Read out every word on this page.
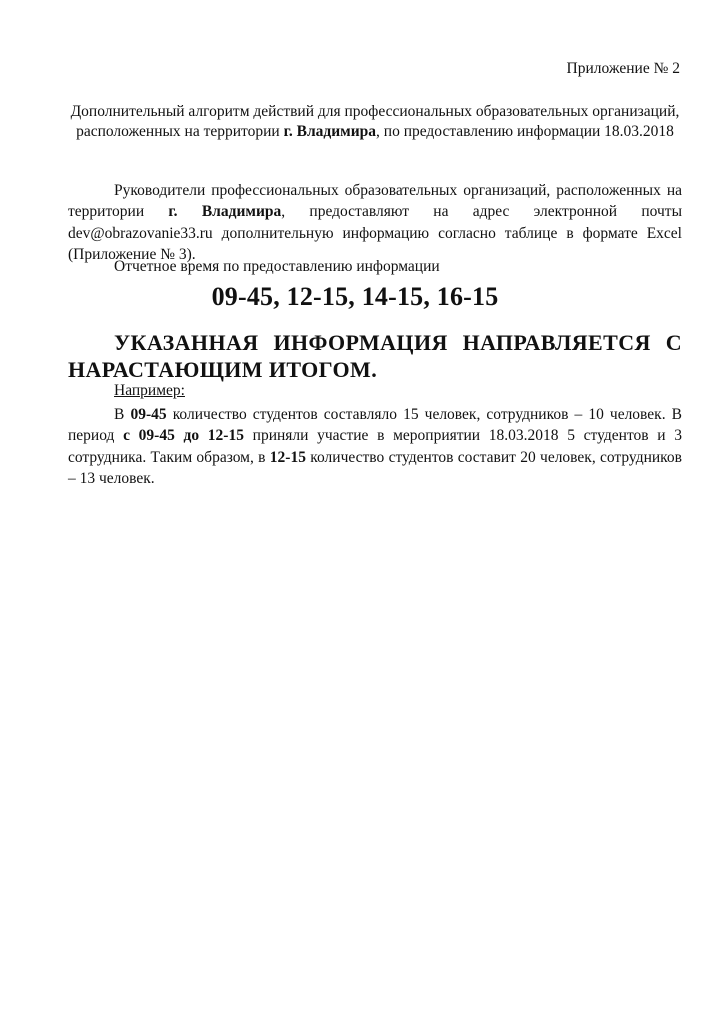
Приложение № 2
Дополнительный алгоритм действий для профессиональных образовательных организаций, расположенных на территории г. Владимира, по предоставлению информации 18.03.2018

Руководители профессиональных образовательных организаций, расположенных на территории г. Владимира, предоставляют на адрес электронной почты dev@obrazovanie33.ru дополнительную информацию согласно таблице в формате Excel (Приложение № 3).

Отчетное время по предоставлению информации
09-45, 12-15, 14-15, 16-15

УКАЗАННАЯ ИНФОРМАЦИЯ НАПРАВЛЯЕТСЯ С НАРАСТАЮЩИМ ИТОГОМ.

Например:

В 09-45 количество студентов составляло 15 человек, сотрудников – 10 человек. В период с 09-45 до 12-15 приняли участие в мероприятии 18.03.2018 5 студентов и 3 сотрудника. Таким образом, в 12-15 количество студентов составит 20 человек, сотрудников – 13 человек.
